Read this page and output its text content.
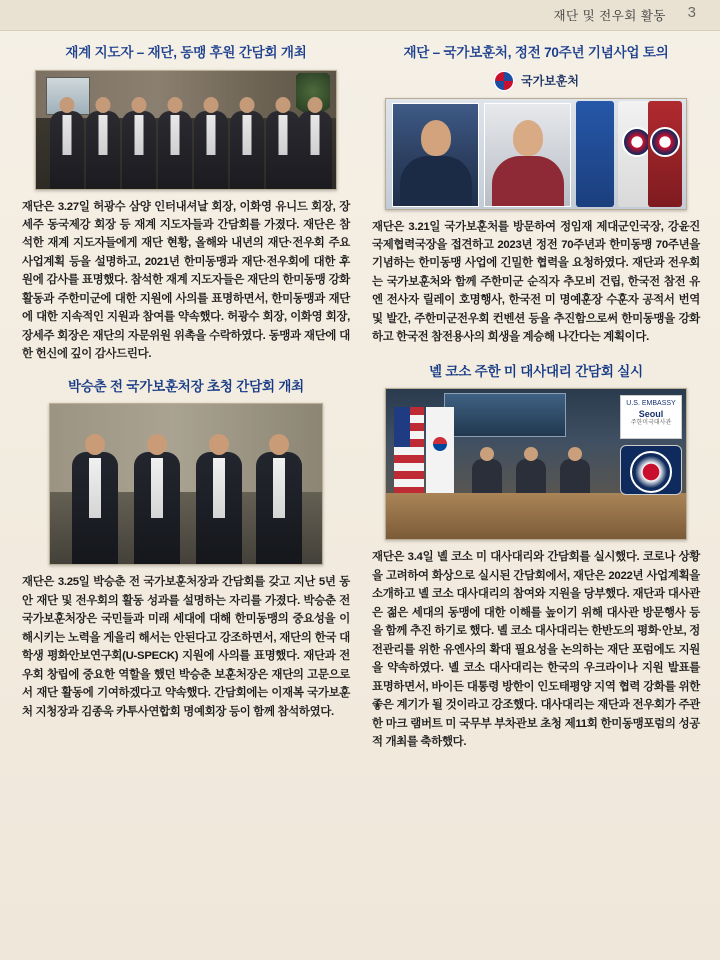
재단 및 전우회 활동 3
재계 지도자 – 재단, 동맹 후원 간담회 개최
재단은 3.27일 허광수 삼양 인터내셔날 회장, 이화영 유니드 회장, 장세주 동국제강 회장 등 재계 지도자들과 간담회를 가졌다. 재단은 참석한 재계 지도자들에게 재단 현황, 올해와 내년의 재단·전우회 주요 사업계획 등을 설명하고, 2021년 한미동맹과 재단·전우회에 대한 후원에 감사를 표명했다. 참석한 재계 지도자들은 재단의 한미동맹 강화 활동과 주한미군에 대한 지원에 사의를 표명하면서, 한미동맹과 재단에 대한 지속적인 지원과 참여를 약속했다. 허광수 회장, 이화영 회장, 장세주 회장은 재단의 자문위원 위촉을 수락하였다. 동맹과 재단에 대한 헌신에 깊이 감사드린다.
박승춘 전 국가보훈처장 초청 간담회 개최
재단은 3.25일 박승춘 전 국가보훈처장과 간담회를 갖고 지난 5년 동안 재단 및 전우회의 활동 성과를 설명하는 자리를 가졌다. 박승춘 전 국가보훈처장은 국민들과 미래 세대에 대해 한미동맹의 중요성을 이해시키는 노력을 게을리 해서는 안된다고 강조하면서, 재단의 한국 대학생 평화안보연구회(U-SPECK) 지원에 사의를 표명했다. 재단과 전우회 창립에 중요한 역할을 했던 박승춘 보훈처장은 재단의 고문으로서 재단 활동에 기여하겠다고 약속했다. 간담회에는 이재복 국가보훈처 지청장과 김종욱 카투사연합회 명예회장 등이 함께 참석하였다.
재단 – 국가보훈처, 정전 70주년 기념사업 토의
국가보훈처
재단은 3.21일 국가보훈처를 방문하여 정임재 제대군인국장, 강윤진 국제협력국장을 접견하고 2023년 정전 70주년과 한미동맹 70주년을 기념하는 한미동맹 사업에 긴밀한 협력을 요청하였다. 재단과 전우회는 국가보훈처와 함께 주한미군 순직자 추모비 건립, 한국전 참전 유엔 전사자 릴레이 호명행사, 한국전 미 명예훈장 수훈자 공적서 번역 및 발간, 주한미군전우회 컨벤션 등을 추진함으로써 한미동맹을 강화하고 한국전 참전용사의 희생을 계승해 나간다는 계획이다.
녤 코소 주한 미 대사대리 간담회 실시
U.S. EMBASSY
Seoul
주한미국대사관
재단은 3.4일 녤 코소 미 대사대리와 간담회를 실시했다. 코로나 상황을 고려하여 화상으로 실시된 간담회에서, 재단은 2022년 사업계획을 소개하고 녤 코소 대사대리의 참여와 지원을 당부했다. 재단과 대사관은 젊은 세대의 동맹에 대한 이해를 높이기 위해 대사관 방문행사 등을 함께 추진 하기로 했다. 녤 코소 대사대리는 한반도의 평화·안보, 정전관리를 위한 유엔사의 확대 필요성을 논의하는 재단 포럼에도 지원을 약속하였다. 녤 코소 대사대리는 한국의 우크라이나 지원 발표를 표명하면서, 바이든 대통령 방한이 인도태평양 지역 협력 강화를 위한 좋은 계기가 될 것이라고 강조했다. 대사대리는 재단과 전우회가 주관한 마크 램버트 미 국무부 부차관보 초청 제11회 한미동맹포럼의 성공적 개최를 축하했다.
